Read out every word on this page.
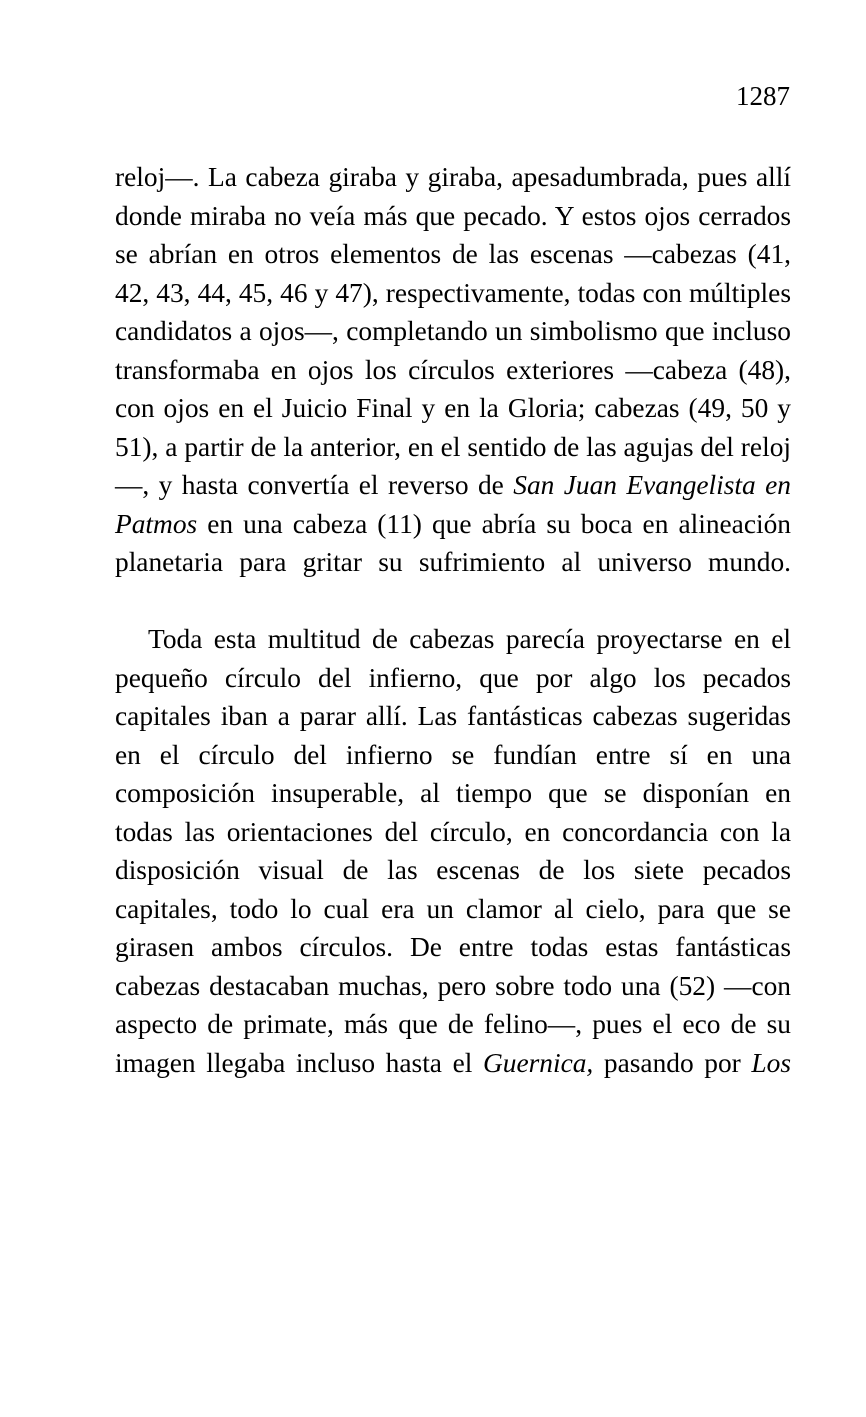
1287

reloj—. La cabeza giraba y giraba, apesadumbrada, pues allí donde miraba no veía más que pecado. Y estos ojos cerrados se abrían en otros elementos de las escenas —cabezas (41, 42, 43, 44, 45, 46 y 47), respectivamente, todas con múltiples candidatos a ojos—, completando un simbolismo que incluso transformaba en ojos los círculos exteriores —cabeza (48), con ojos en el Juicio Final y en la Gloria; cabezas (49, 50 y 51), a partir de la anterior, en el sentido de las agujas del reloj—, y hasta convertía el reverso de San Juan Evangelista en Patmos en una cabeza (11) que abría su boca en alineación planetaria para gritar su sufrimiento al universo mundo.

Toda esta multitud de cabezas parecía proyectarse en el pequeño círculo del infierno, que por algo los pecados capitales iban a parar allí. Las fantásticas cabezas sugeridas en el círculo del infierno se fundían entre sí en una composición insuperable, al tiempo que se disponían en todas las orientaciones del círculo, en concordancia con la disposición visual de las escenas de los siete pecados capitales, todo lo cual era un clamor al cielo, para que se girasen ambos círculos. De entre todas estas fantásticas cabezas destacaban muchas, pero sobre todo una (52) —con aspecto de primate, más que de felino—, pues el eco de su imagen llegaba incluso hasta el Guernica, pasando por Los
